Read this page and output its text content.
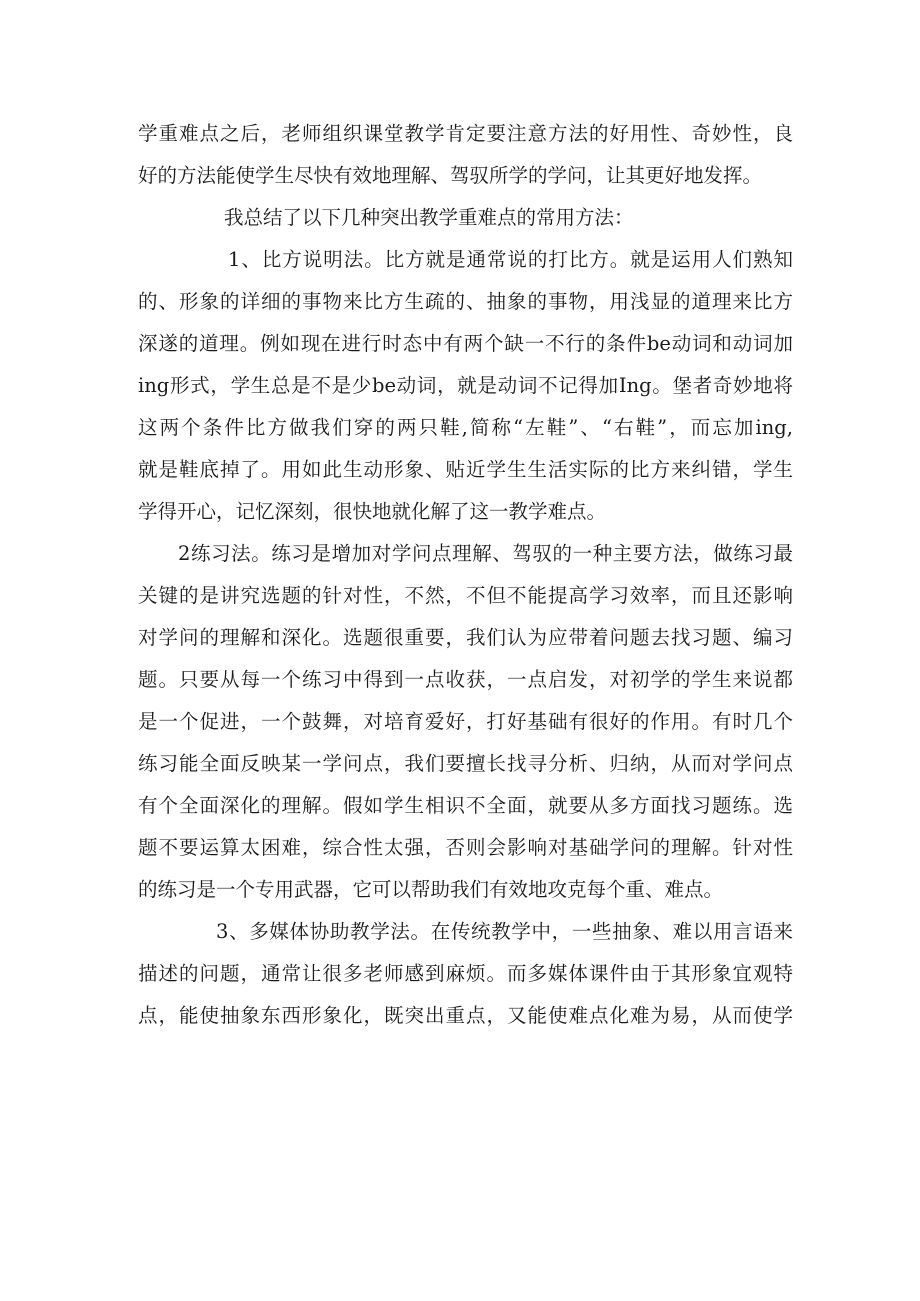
学重难点之后，老师组织课堂教学肯定要注意方法的好用性、奇妙性，良
好的方法能使学生尽快有效地理解、驾驭所学的学问，让其更好地发挥。
我总结了以下几种突出教学重难点的常用方法：
1、比方说明法。比方就是通常说的打比方。就是运用人们熟知
的、形象的详细的事物来比方生疏的、抽象的事物，用浅显的道理来比方
深遂的道理。例如现在进行时态中有两个缺一不行的条件be动词和动词加
ing形式，学生总是不是少be动词，就是动词不记得加Ing。堡者奇妙地将
这两个条件比方做我们穿的两只鞋,简称“左鞋”、“右鞋”，而忘加ing,
就是鞋底掉了。用如此生动形象、贴近学生生活实际的比方来纠错，学生
学得开心，记忆深刻，很快地就化解了这一教学难点。
2练习法。练习是增加对学问点理解、驾驭的一种主要方法，做练习最
关键的是讲究选题的针对性，不然，不但不能提高学习效率，而且还影响
对学问的理解和深化。选题很重要，我们认为应带着问题去找习题、编习
题。只要从每一个练习中得到一点收获，一点启发，对初学的学生来说都
是一个促进，一个鼓舞，对培育爱好，打好基础有很好的作用。有时几个
练习能全面反映某一学问点，我们要擅长找寻分析、归纳，从而对学问点
有个全面深化的理解。假如学生相识不全面，就要从多方面找习题练。选
题不要运算太困难，综合性太强，否则会影响对基础学问的理解。针对性
的练习是一个专用武器，它可以帮助我们有效地攻克每个重、难点。
3、多媒体协助教学法。在传统教学中，一些抽象、难以用言语来
描述的问题，通常让很多老师感到麻烦。而多媒体课件由于其形象宜观特
点，能使抽象东西形象化，既突出重点，又能使难点化难为易，从而使学
